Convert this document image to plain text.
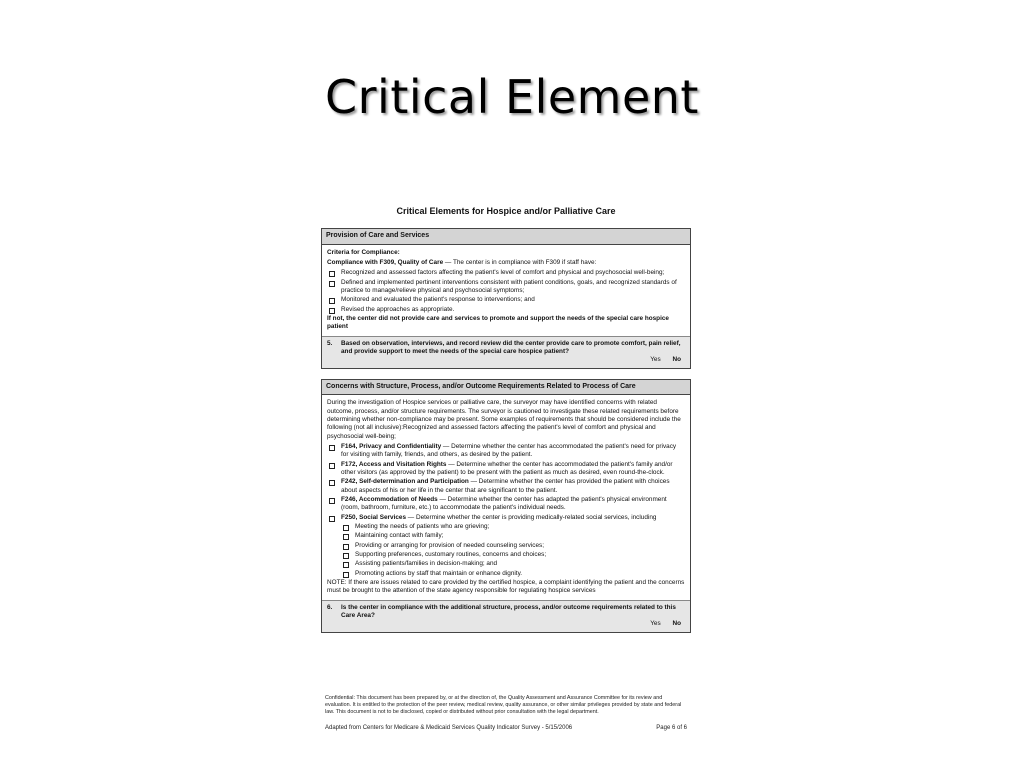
Critical Element
Critical Elements for Hospice and/or Palliative Care
Provision of Care and Services
Criteria for Compliance:
Compliance with F309, Quality of Care — The center is in compliance with F309 if staff have:
Recognized and assessed factors affecting the patient's level of comfort and physical and psychosocial well-being;
Defined and implemented pertinent interventions consistent with patient conditions, goals, and recognized standards of practice to manage/relieve physical and psychosocial symptoms;
Monitored and evaluated the patient's response to interventions; and
Revised the approaches as appropriate.
If not, the center did not provide care and services to promote and support the needs of the special care hospice patient
5.	Based on observation, interviews, and record review did the center provide care to promote comfort, pain relief, and provide support to meet the needs of the special care hospice patient?
Yes No
Concerns with Structure, Process, and/or Outcome Requirements Related to Process of Care
During the investigation of Hospice services or palliative care, the surveyor may have identified concerns with related outcome, process, and/or structure requirements. The surveyor is cautioned to investigate these related requirements before determining whether non-compliance may be present. Some examples of requirements that should be considered include the following (not all inclusive):Recognized and assessed factors affecting the patient's level of comfort and physical and psychosocial well-being;
F164, Privacy and Confidentiality — Determine whether the center has accommodated the patient's need for privacy for visiting with family, friends, and others, as desired by the patient.
F172, Access and Visitation Rights — Determine whether the center has accommodated the patient's family and/or other visitors (as approved by the patient) to be present with the patient as much as desired, even round-the-clock.
F242, Self-determination and Participation — Determine whether the center has provided the patient with choices about aspects of his or her life in the center that are significant to the patient.
F246, Accommodation of Needs — Determine whether the center has adapted the patient's physical environment (room, bathroom, furniture, etc.) to accommodate the patient's individual needs.
F250, Social Services — Determine whether the center is providing medically-related social services, including
Meeting the needs of patients who are grieving;
Maintaining contact with family;
Providing or arranging for provision of needed counseling services;
Supporting preferences, customary routines, concerns and choices;
Assisting patients/families in decision-making; and
Promoting actions by staff that maintain or enhance dignity.
NOTE: If there are issues related to care provided by the certified hospice, a complaint identifying the patient and the concerns must be brought to the attention of the state agency responsible for regulating hospice services
6.	Is the center in compliance with the additional structure, process, and/or outcome requirements related to this Care Area?
Yes No
Confidential: This document has been prepared by, or at the direction of, the Quality Assessment and Assurance Committee for its review and evaluation. It is entitled to the protection of the peer review, medical review, quality assurance, or other similar privileges provided by state and federal law. This document is not to be disclosed, copied or distributed without prior consultation with the legal department.
Adapted from Centers for Medicare & Medicaid Services Quality Indicator Survey - 5/15/2006	Page 6 of 6
